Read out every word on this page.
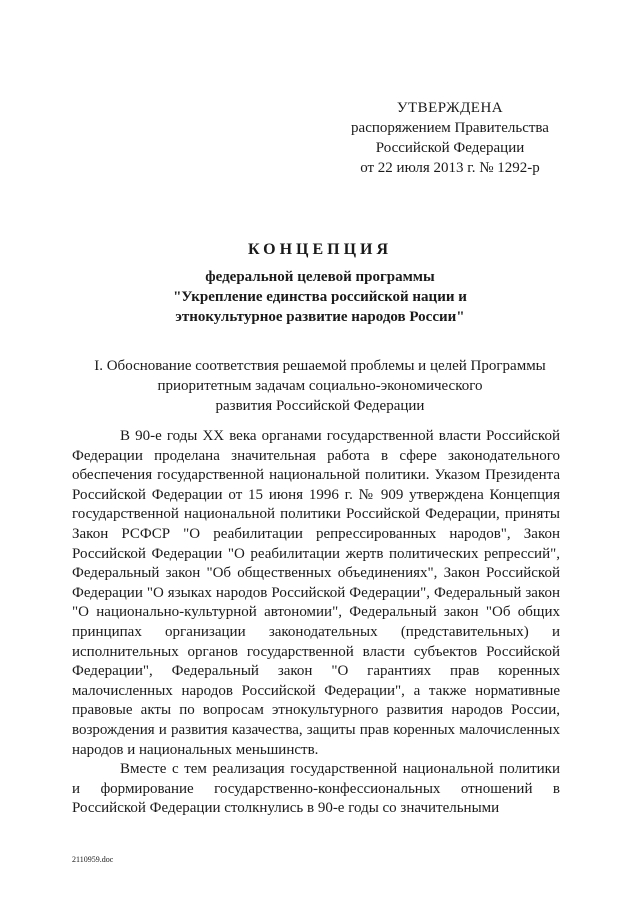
УТВЕРЖДЕНА
распоряжением Правительства
Российской Федерации
от 22 июля 2013 г. № 1292-р
КОНЦЕПЦИЯ
федеральной целевой программы
"Укрепление единства российской нации и
этнокультурное развитие народов России"
I. Обоснование соответствия решаемой проблемы и целей Программы
приоритетным задачам социально-экономического
развития Российской Федерации

В 90-е годы XX века органами государственной власти Российской Федерации проделана значительная работа в сфере законодательного обеспечения государственной национальной политики. Указом Президента Российской Федерации от 15 июня 1996 г. № 909 утверждена Концепция государственной национальной политики Российской Федерации, приняты Закон РСФСР "О реабилитации репрессированных народов", Закон Российской Федерации "О реабилитации жертв политических репрессий", Федеральный закон "Об общественных объединениях", Закон Российской Федерации "О языках народов Российской Федерации", Федеральный закон "О национально-культурной автономии", Федеральный закон "Об общих принципах организации законодательных (представительных) и исполнительных органов государственной власти субъектов Российской Федерации", Федеральный закон "О гарантиях прав коренных малочисленных народов Российской Федерации", а также нормативные правовые акты по вопросам этнокультурного развития народов России, возрождения и развития казачества, защиты прав коренных малочисленных народов и национальных меньшинств.

Вместе с тем реализация государственной национальной политики и формирование государственно-конфессиональных отношений в Российской Федерации столкнулись в 90-е годы со значительными

2110959.doc
